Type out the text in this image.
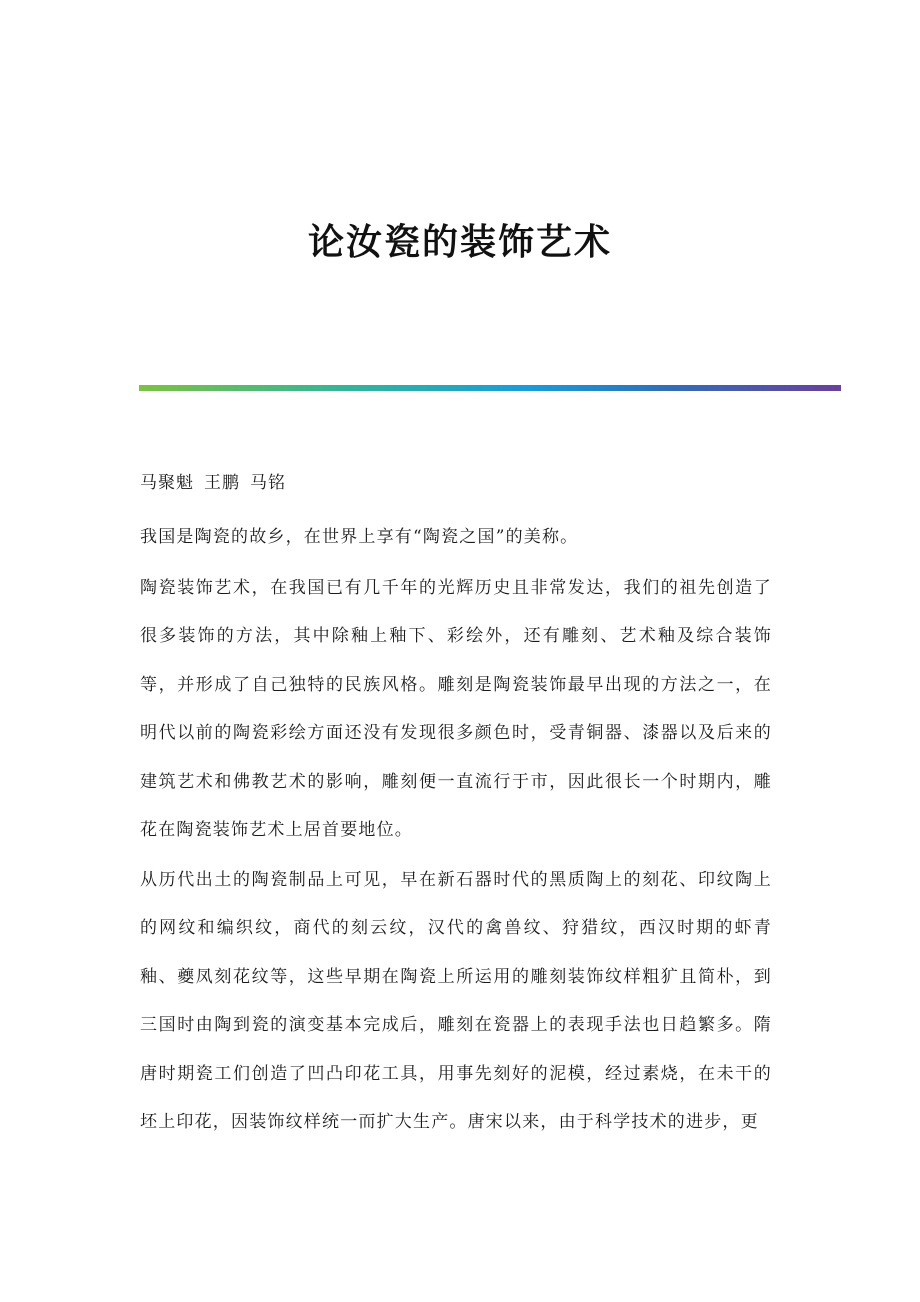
论汝瓷的装饰艺术

马聚魁 王鹏 马铭

我国是陶瓷的故乡，在世界上享有“陶瓷之国”的美称。

陶瓷装饰艺术，在我国已有几千年的光辉历史且非常发达，我们的祖先创造了很多装饰的方法，其中除釉上釉下、彩绘外，还有雕刻、艺术釉及综合装饰等，并形成了自己独特的民族风格。雕刻是陶瓷装饰最早出现的方法之一，在明代以前的陶瓷彩绘方面还没有发现很多颜色时，受青铜器、漆器以及后来的建筑艺术和佛教艺术的影响，雕刻便一直流行于市，因此很长一个时期内，雕花在陶瓷装饰艺术上居首要地位。

从历代出土的陶瓷制品上可见，早在新石器时代的黑质陶上的刻花、印纹陶上的网纹和编织纹，商代的刻云纹，汉代的禽兽纹、狩猎纹，西汉时期的虾青釉、夔凤刻花纹等，这些早期在陶瓷上所运用的雕刻装饰纹样粗犷且简朴，到三国时由陶到瓷的演变基本完成后，雕刻在瓷器上的表现手法也日趋繁多。隋唐时期瓷工们创造了凹凸印花工具，用事先刻好的泥模，经过素烧，在未干的坯上印花，因装饰纹样统一而扩大生产。唐宋以来，由于科学技术的进步，更
